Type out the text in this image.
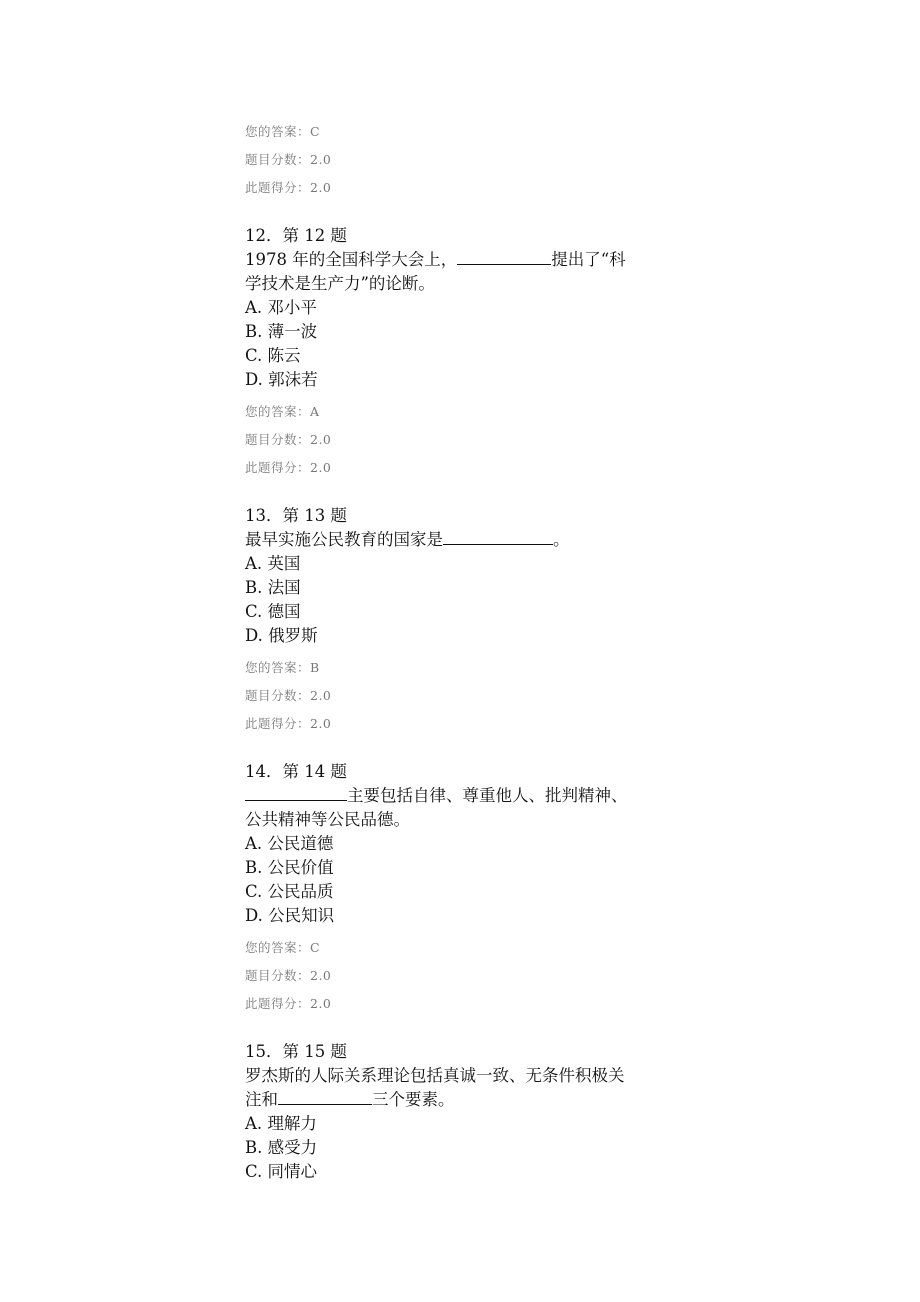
您的答案：C
题目分数：2.0
此题得分：2.0
12．第 12 题
1978 年的全国科学大会上，	提出了“科
学技术是生产力”的论断。
A. 邓小平
B. 薄一波
C. 陈云
D. 郭沫若
您的答案：A
题目分数：2.0
此题得分：2.0
13．第 13 题
最早实施公民教育的国家是	。
A. 英国
B. 法国
C. 德国
D. 俄罗斯
您的答案：B
题目分数：2.0
此题得分：2.0
14．第 14 题
主要包括自律、尊重他人、批判精神、
公共精神等公民品德。
A. 公民道德
B. 公民价值
C. 公民品质
D. 公民知识
您的答案：C
题目分数：2.0
此题得分：2.0
15．第 15 题
罗杰斯的人际关系理论包括真诚一致、无条件积极关
注和	三个要素。
A. 理解力
B. 感受力
C. 同情心
